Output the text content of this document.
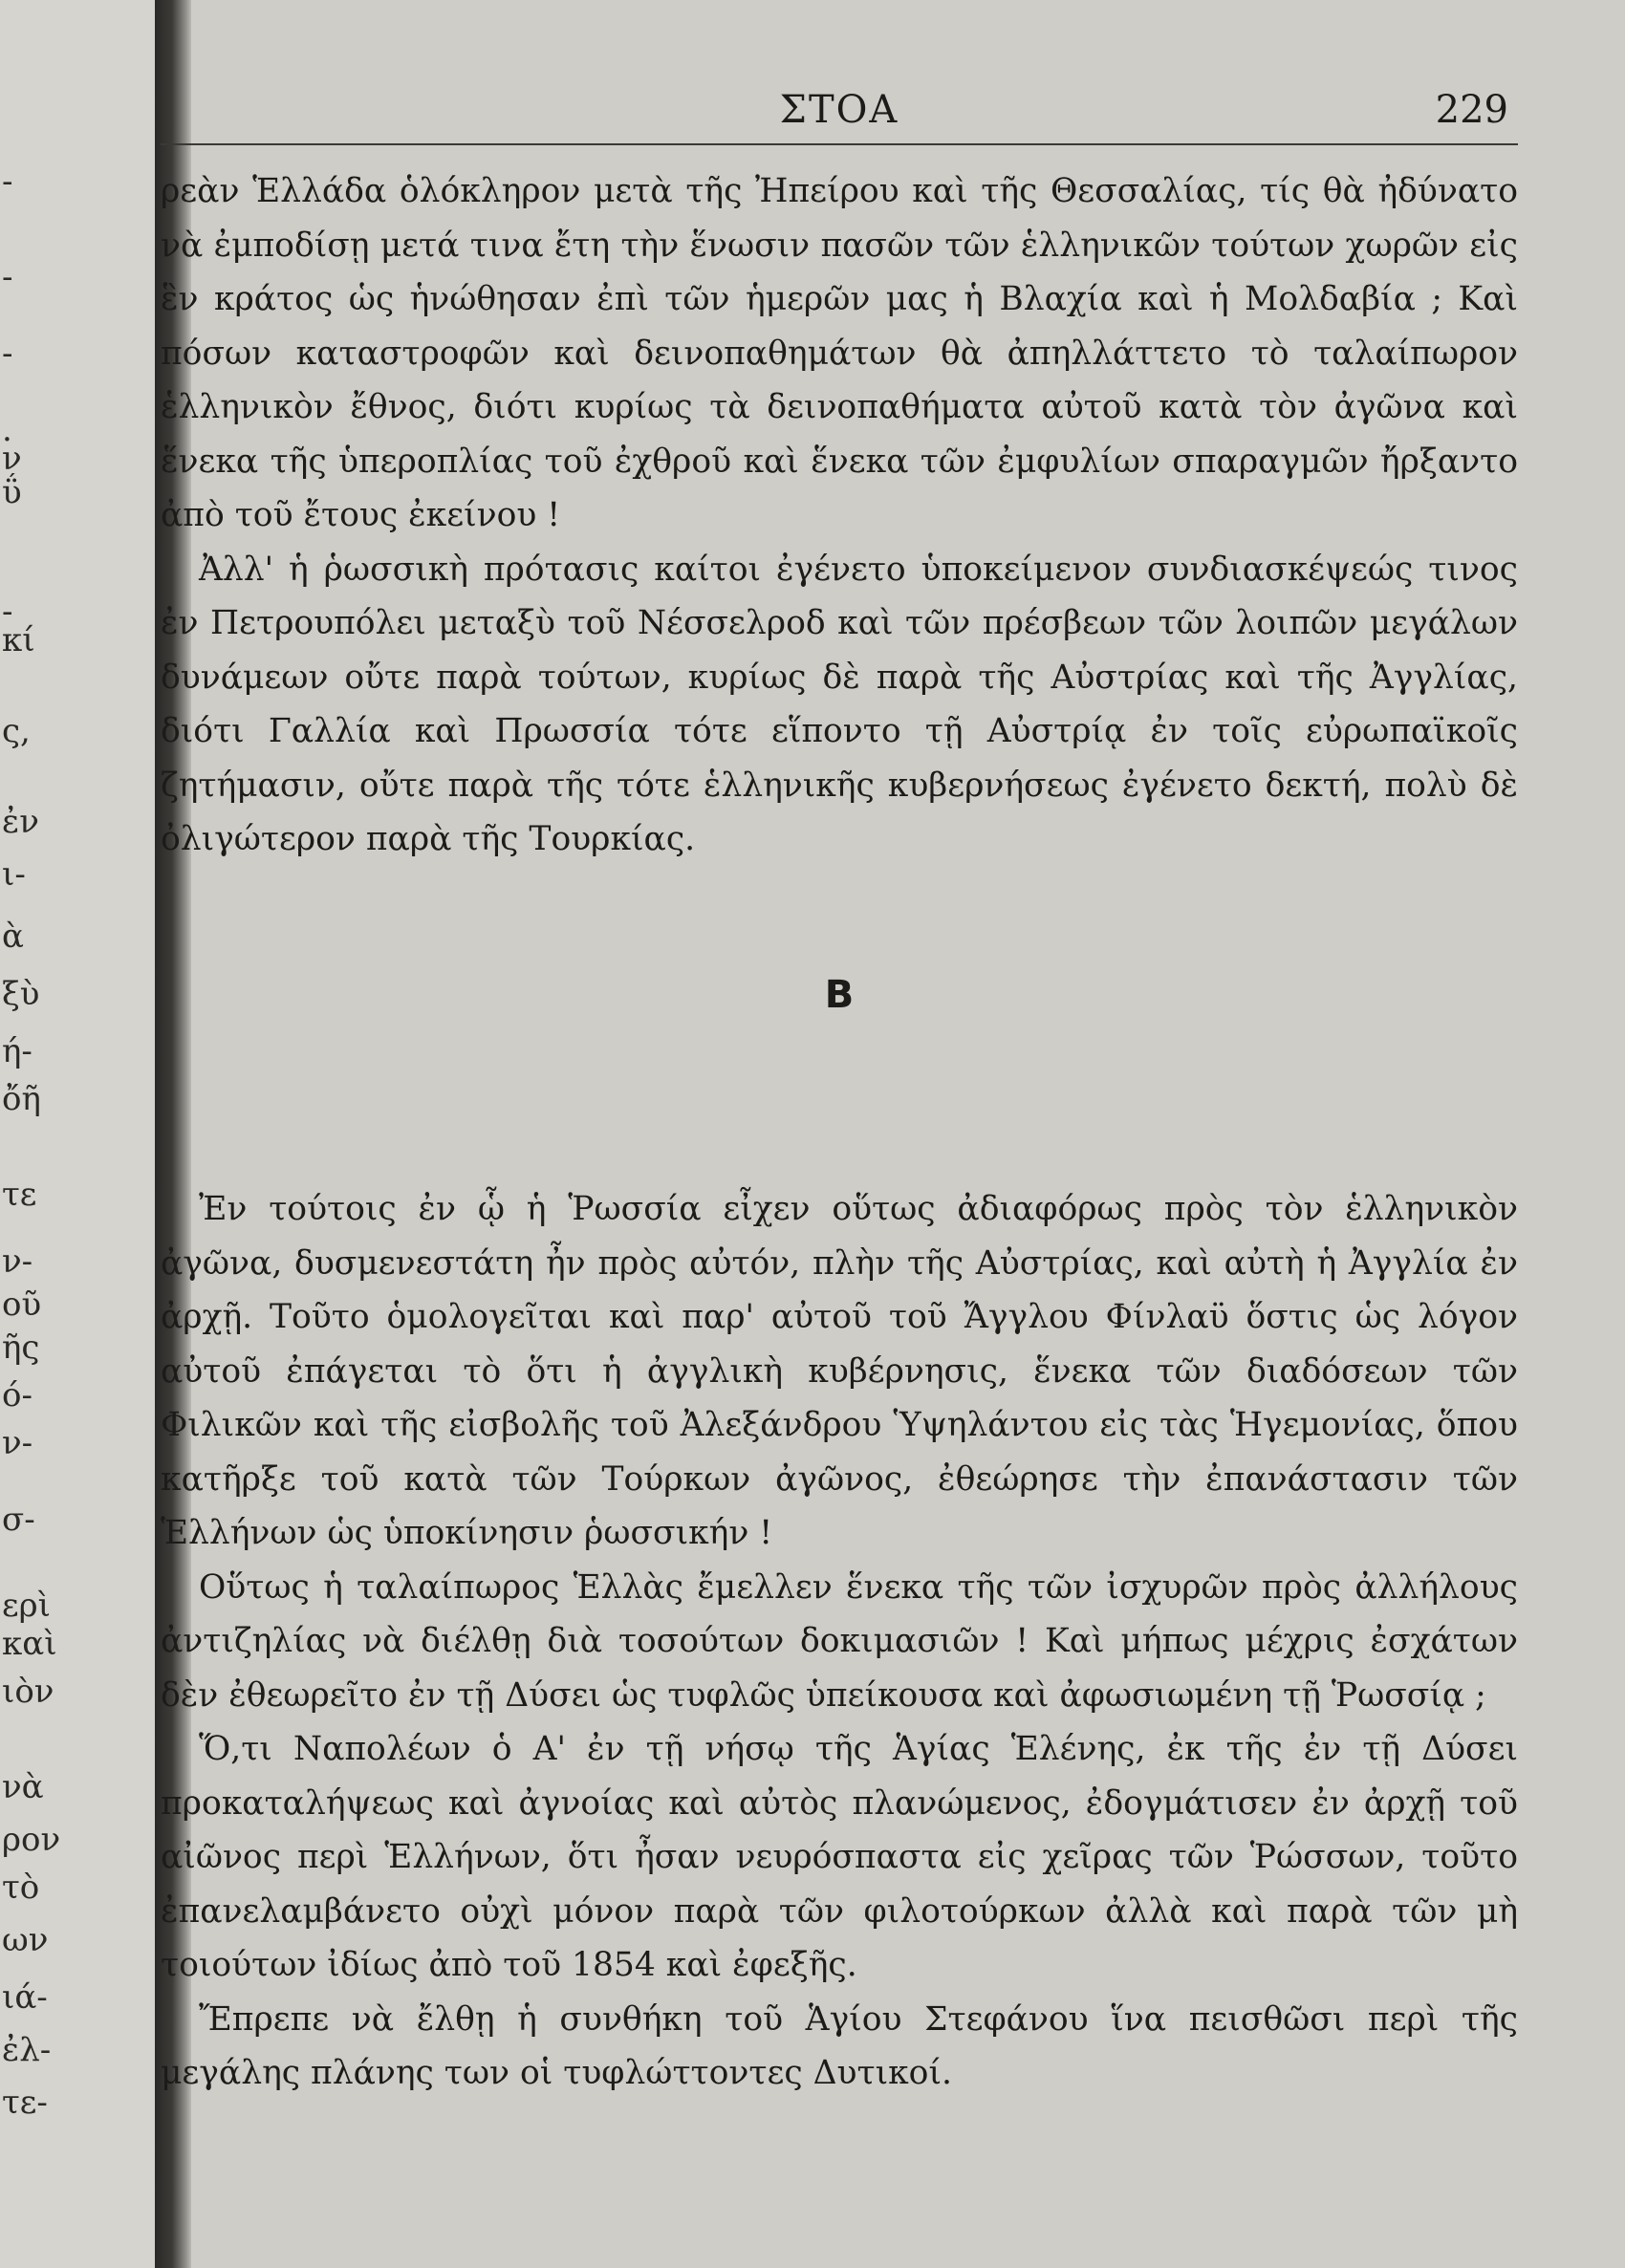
-
-
-
.
ν
ΰ
-
κί
ς,
ἐν
ι-
ὰ
ξὺ
ή-
ὄῆ
τε
ν-
οῦ
ῆς
ό-
ν-
σ-
ερὶ
καὶ
ιὸν
νὰ
ρον
τὸ
ων
ιά-
ἐλ-
τε-
ΣΤΟΑ	229

ρεὰν Ἑλλάδα ὁλόκληρον μετὰ τῆς Ἠπείρου καὶ τῆς Θεσσαλίας, τίς θὰ ἠδύνατο νὰ ἐμποδίσῃ μετά τινα ἔτη τὴν ἕνωσιν πασῶν τῶν ἑλληνικῶν τούτων χωρῶν εἰς ἓν κράτος ὡς ἡνώθησαν ἐπὶ τῶν ἡμερῶν μας ἡ Βλαχία καὶ ἡ Μολδαβία ; Καὶ πόσων καταστροφῶν καὶ δεινοπαθημάτων θὰ ἀπηλλάττετο τὸ ταλαίπωρον ἑλληνικὸν ἔθνος, διότι κυρίως τὰ δεινοπαθήματα αὐτοῦ κατὰ τὸν ἀγῶνα καὶ ἕνεκα τῆς ὑπεροπλίας τοῦ ἐχθροῦ καὶ ἕνεκα τῶν ἐμφυλίων σπαραγμῶν ἤρξαντο ἀπὸ τοῦ ἔτους ἐκείνου !

Ἀλλ' ἡ ῥωσσικὴ πρότασις καίτοι ἐγένετο ὑποκείμενον συνδιασκέψεώς τινος ἐν Πετρουπόλει μεταξὺ τοῦ Νέσσελροδ καὶ τῶν πρέσβεων τῶν λοιπῶν μεγάλων δυνάμεων οὔτε παρὰ τούτων, κυρίως δὲ παρὰ τῆς Αὐστρίας καὶ τῆς Ἀγγλίας, διότι Γαλλία καὶ Πρωσσία τότε εἵποντο τῇ Αὐστρίᾳ ἐν τοῖς εὐρωπαϊκοῖς ζητήμασιν, οὔτε παρὰ τῆς τότε ἑλληνικῆς κυβερνήσεως ἐγένετο δεκτή, πολὺ δὲ ὀλιγώτερον παρὰ τῆς Τουρκίας.

B

Ἐν τούτοις ἐν ᾧ ἡ Ῥωσσία εἶχεν οὕτως ἀδιαφόρως πρὸς τὸν ἑλληνικὸν ἀγῶνα, δυσμενεστάτη ἦν πρὸς αὐτόν, πλὴν τῆς Αὐστρίας, καὶ αὐτὴ ἡ Ἀγγλία ἐν ἀρχῇ. Τοῦτο ὁμολογεῖται καὶ παρ' αὐτοῦ τοῦ Ἄγγλου Φίνλαϋ ὅστις ὡς λόγον αὐτοῦ ἐπάγεται τὸ ὅτι ἡ ἀγγλικὴ κυβέρνησις, ἕνεκα τῶν διαδόσεων τῶν Φιλικῶν καὶ τῆς εἰσβολῆς τοῦ Ἀλεξάνδρου Ὑψηλάντου εἰς τὰς Ἡγεμονίας, ὅπου κατῆρξε τοῦ κατὰ τῶν Τούρκων ἀγῶνος, ἐθεώρησε τὴν ἐπανάστασιν τῶν Ἑλλήνων ὡς ὑποκίνησιν ῥωσσικήν !

Οὕτως ἡ ταλαίπωρος Ἑλλὰς ἔμελλεν ἕνεκα τῆς τῶν ἰσχυρῶν πρὸς ἀλλήλους ἀντιζηλίας νὰ διέλθῃ διὰ τοσούτων δοκιμασιῶν ! Καὶ μήπως μέχρις ἐσχάτων δὲν ἐθεωρεῖτο ἐν τῇ Δύσει ὡς τυφλῶς ὑπείκουσα καὶ ἀφωσιωμένη τῇ Ῥωσσίᾳ ;

Ὅ,τι Ναπολέων ὁ Α' ἐν τῇ νήσῳ τῆς Ἁγίας Ἑλένης, ἐκ τῆς ἐν τῇ Δύσει προκαταλήψεως καὶ ἀγνοίας καὶ αὐτὸς πλανώμενος, ἐδογμάτισεν ἐν ἀρχῇ τοῦ αἰῶνος περὶ Ἑλλήνων, ὅτι ἦσαν νευρόσπαστα εἰς χεῖρας τῶν Ῥώσσων, τοῦτο ἐπανελαμβάνετο οὐχὶ μόνον παρὰ τῶν φιλοτούρκων ἀλλὰ καὶ παρὰ τῶν μὴ τοιούτων ἰδίως ἀπὸ τοῦ 1854 καὶ ἐφεξῆς.

Ἔπρεπε νὰ ἔλθῃ ἡ συνθήκη τοῦ Ἁγίου Στεφάνου ἵνα πεισθῶσι περὶ τῆς μεγάλης πλάνης των οἱ τυφλώττοντες Δυτικοί.
